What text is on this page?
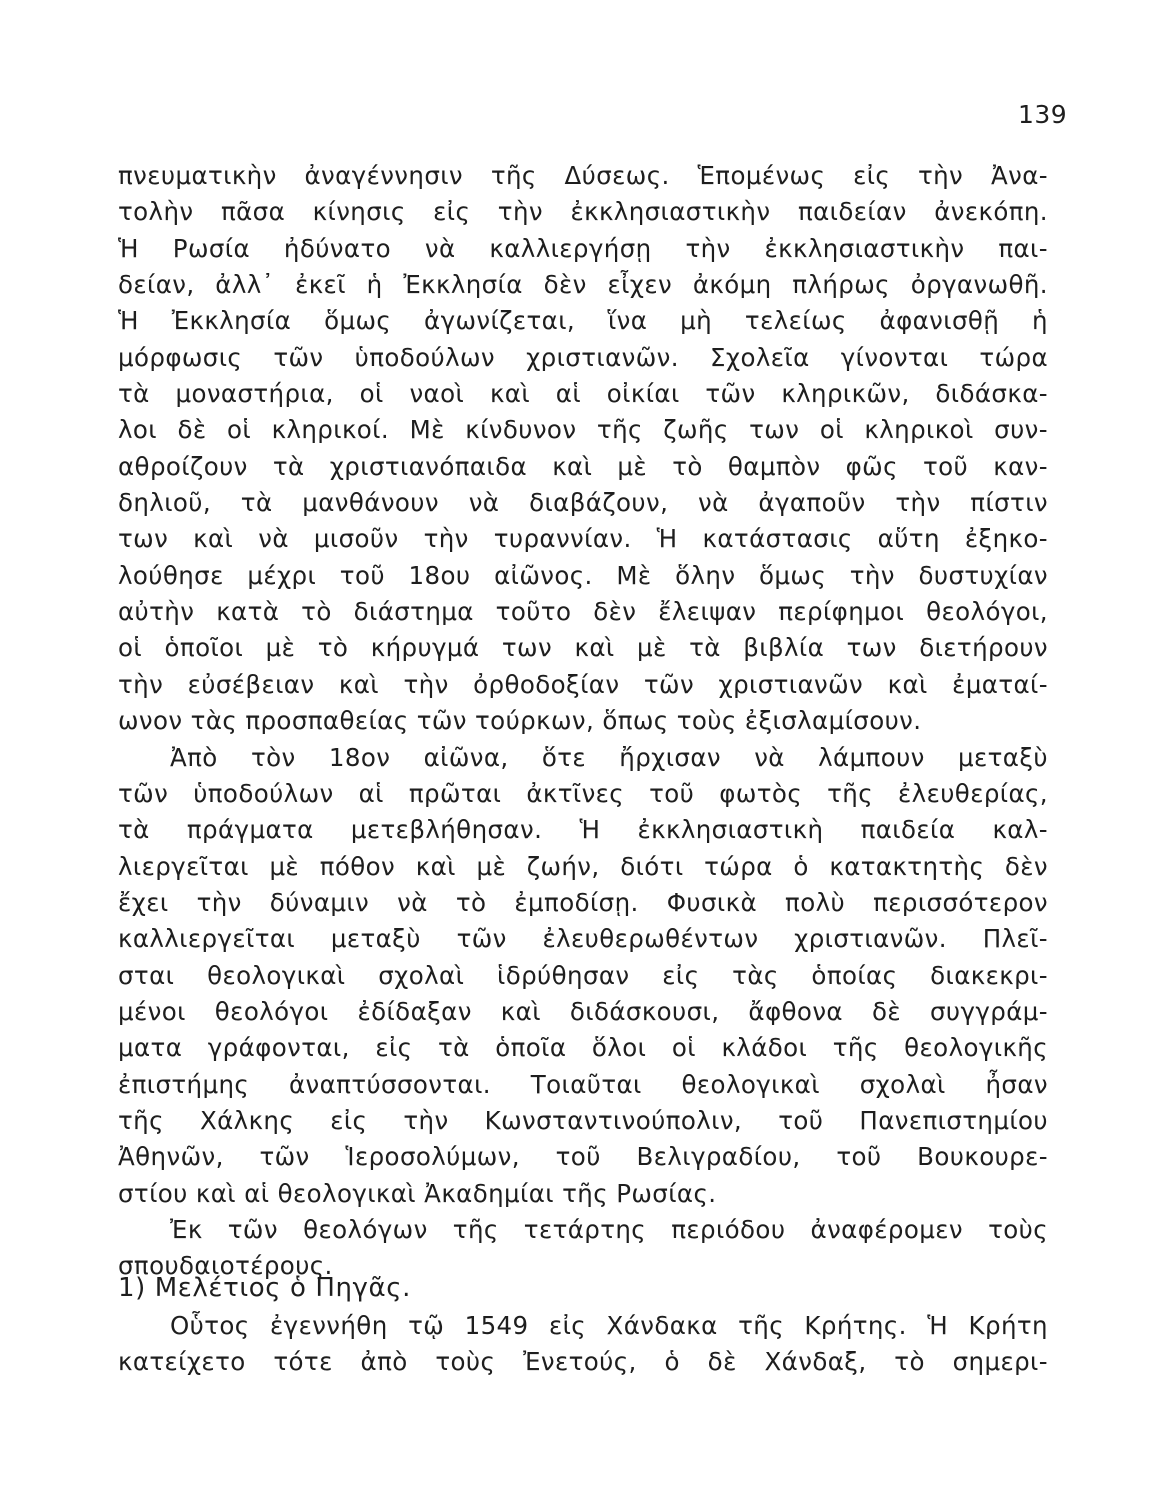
139
πνευματικὴν ἀναγέννησιν τῆς Δύσεως. Ἑπομένως εἰς τὴν Ἀνα-
τολὴν πᾶσα κίνησις εἰς τὴν ἐκκλησιαστικὴν παιδείαν ἀνεκόπη.
Ἡ Ρωσία ἠδύνατο νὰ καλλιεργήσῃ τὴν ἐκκλησιαστικὴν παι-
δείαν, ἀλλ᾽ ἐκεῖ ἡ Ἐκκλησία δὲν εἶχεν ἀκόμη πλήρως ὀργανωθῆ.
Ἡ Ἐκκλησία ὅμως ἀγωνίζεται, ἵνα μὴ τελείως ἀφανισθῇ ἡ
μόρφωσις τῶν ὑποδούλων χριστιανῶν. Σχολεῖα γίνονται τώρα
τὰ μοναστήρια, οἱ ναοὶ καὶ αἱ οἰκίαι τῶν κληρικῶν, διδάσκα-
λοι δὲ οἱ κληρικοί. Μὲ κίνδυνον τῆς ζωῆς των οἱ κληρικοὶ συν-
αθροίζουν τὰ χριστιανόπαιδα καὶ μὲ τὸ θαμπὸν φῶς τοῦ καν-
δηλιοῦ, τὰ μανθάνουν νὰ διαβάζουν, νὰ ἀγαποῦν τὴν πίστιν
των καὶ νὰ μισοῦν τὴν τυραννίαν. Ἡ κατάστασις αὕτη ἐξηκο-
λούθησε μέχρι τοῦ 18ου αἰῶνος. Μὲ ὅλην ὅμως τὴν δυστυχίαν
αὐτὴν κατὰ τὸ διάστημα τοῦτο δὲν ἔλειψαν περίφημοι θεολόγοι,
οἱ ὁποῖοι μὲ τὸ κήρυγμά των καὶ μὲ τὰ βιβλία των διετήρουν
τὴν εὐσέβειαν καὶ τὴν ὀρθοδοξίαν τῶν χριστιανῶν καὶ ἐματαί-
ωνον τὰς προσπαθείας τῶν τούρκων, ὅπως τοὺς ἐξισλαμίσουν.
Ἀπὸ τὸν 18ον αἰῶνα, ὅτε ἤρχισαν νὰ λάμπουν μεταξὺ
τῶν ὑποδούλων αἱ πρῶται ἀκτῖνες τοῦ φωτὸς τῆς ἐλευθερίας,
τὰ πράγματα μετεβλήθησαν. Ἡ ἐκκλησιαστικὴ παιδεία καλ-
λιεργεῖται μὲ πόθον καὶ μὲ ζωήν, διότι τώρα ὁ κατακτητὴς δὲν
ἔχει τὴν δύναμιν νὰ τὸ ἐμποδίσῃ. Φυσικὰ πολὺ περισσότερον
καλλιεργεῖται μεταξὺ τῶν ἐλευθερωθέντων χριστιανῶν. Πλεῖ-
σται θεολογικαὶ σχολαὶ ἱδρύθησαν εἰς τὰς ὁποίας διακεκρι-
μένοι θεολόγοι ἐδίδαξαν καὶ διδάσκουσι, ἄφθονα δὲ συγγράμ-
ματα γράφονται, εἰς τὰ ὁποῖα ὅλοι οἱ κλάδοι τῆς θεολογικῆς
ἐπιστήμης ἀναπτύσσονται. Τοιαῦται θεολογικαὶ σχολαὶ ἦσαν
τῆς Χάλκης εἰς τὴν Κωνσταντινούπολιν, τοῦ Πανεπιστημίου
Ἀθηνῶν, τῶν Ἱεροσολύμων, τοῦ Βελιγραδίου, τοῦ Βουκουρε-
στίου καὶ αἱ θεολογικαὶ Ἀκαδημίαι τῆς Ρωσίας.
Ἐκ τῶν θεολόγων τῆς τετάρτης περιόδου ἀναφέρομεν τοὺς
σπουδαιοτέρους.
1) Μελέτιος ὁ Πηγᾶς.
Οὗτος ἐγεννήθη τῷ 1549 εἰς Χάνδακα τῆς Κρήτης. Ἡ Κρήτη
κατείχετο τότε ἀπὸ τοὺς Ἐνετούς, ὁ δὲ Χάνδαξ, τὸ σημερι-
